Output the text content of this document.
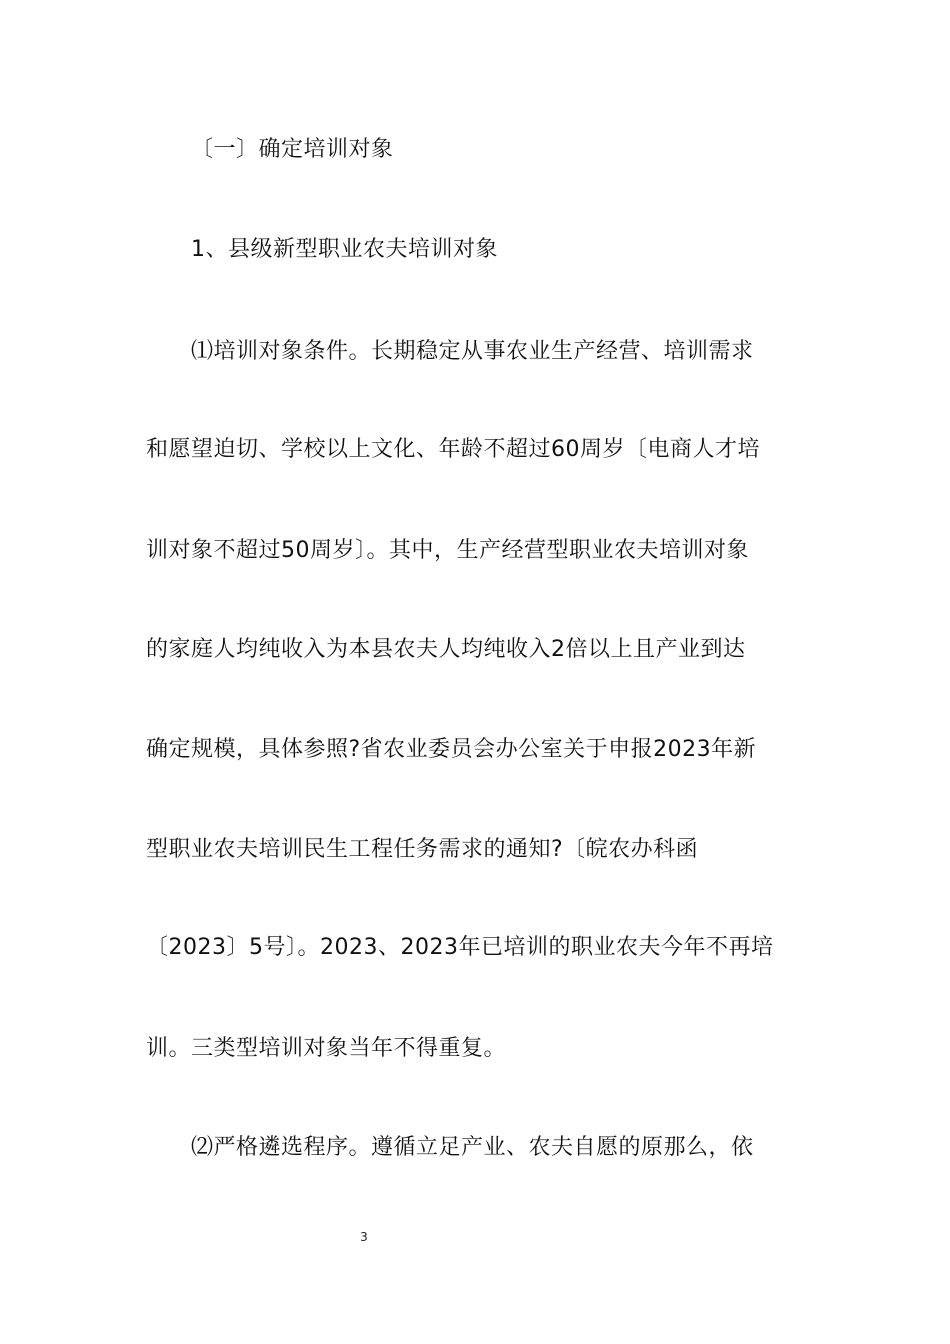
〔一〕确定培训对象
1、县级新型职业农夫培训对象
⑴培训对象条件。长期稳定从事农业生产经营、培训需求
和愿望迫切、学校以上文化、年龄不超过60周岁〔电商人才培
训对象不超过50周岁〕。其中，生产经营型职业农夫培训对象
的家庭人均纯收入为本县农夫人均纯收入2倍以上且产业到达
确定规模，具体参照?省农业委员会办公室关于申报2023年新
型职业农夫培训民生工程任务需求的通知?〔皖农办科函
〔2023〕5号〕。2023、2023年已培训的职业农夫今年不再培
训。三类型培训对象当年不得重复。
⑵严格遴选程序。遵循立足产业、农夫自愿的原那么，依
3
